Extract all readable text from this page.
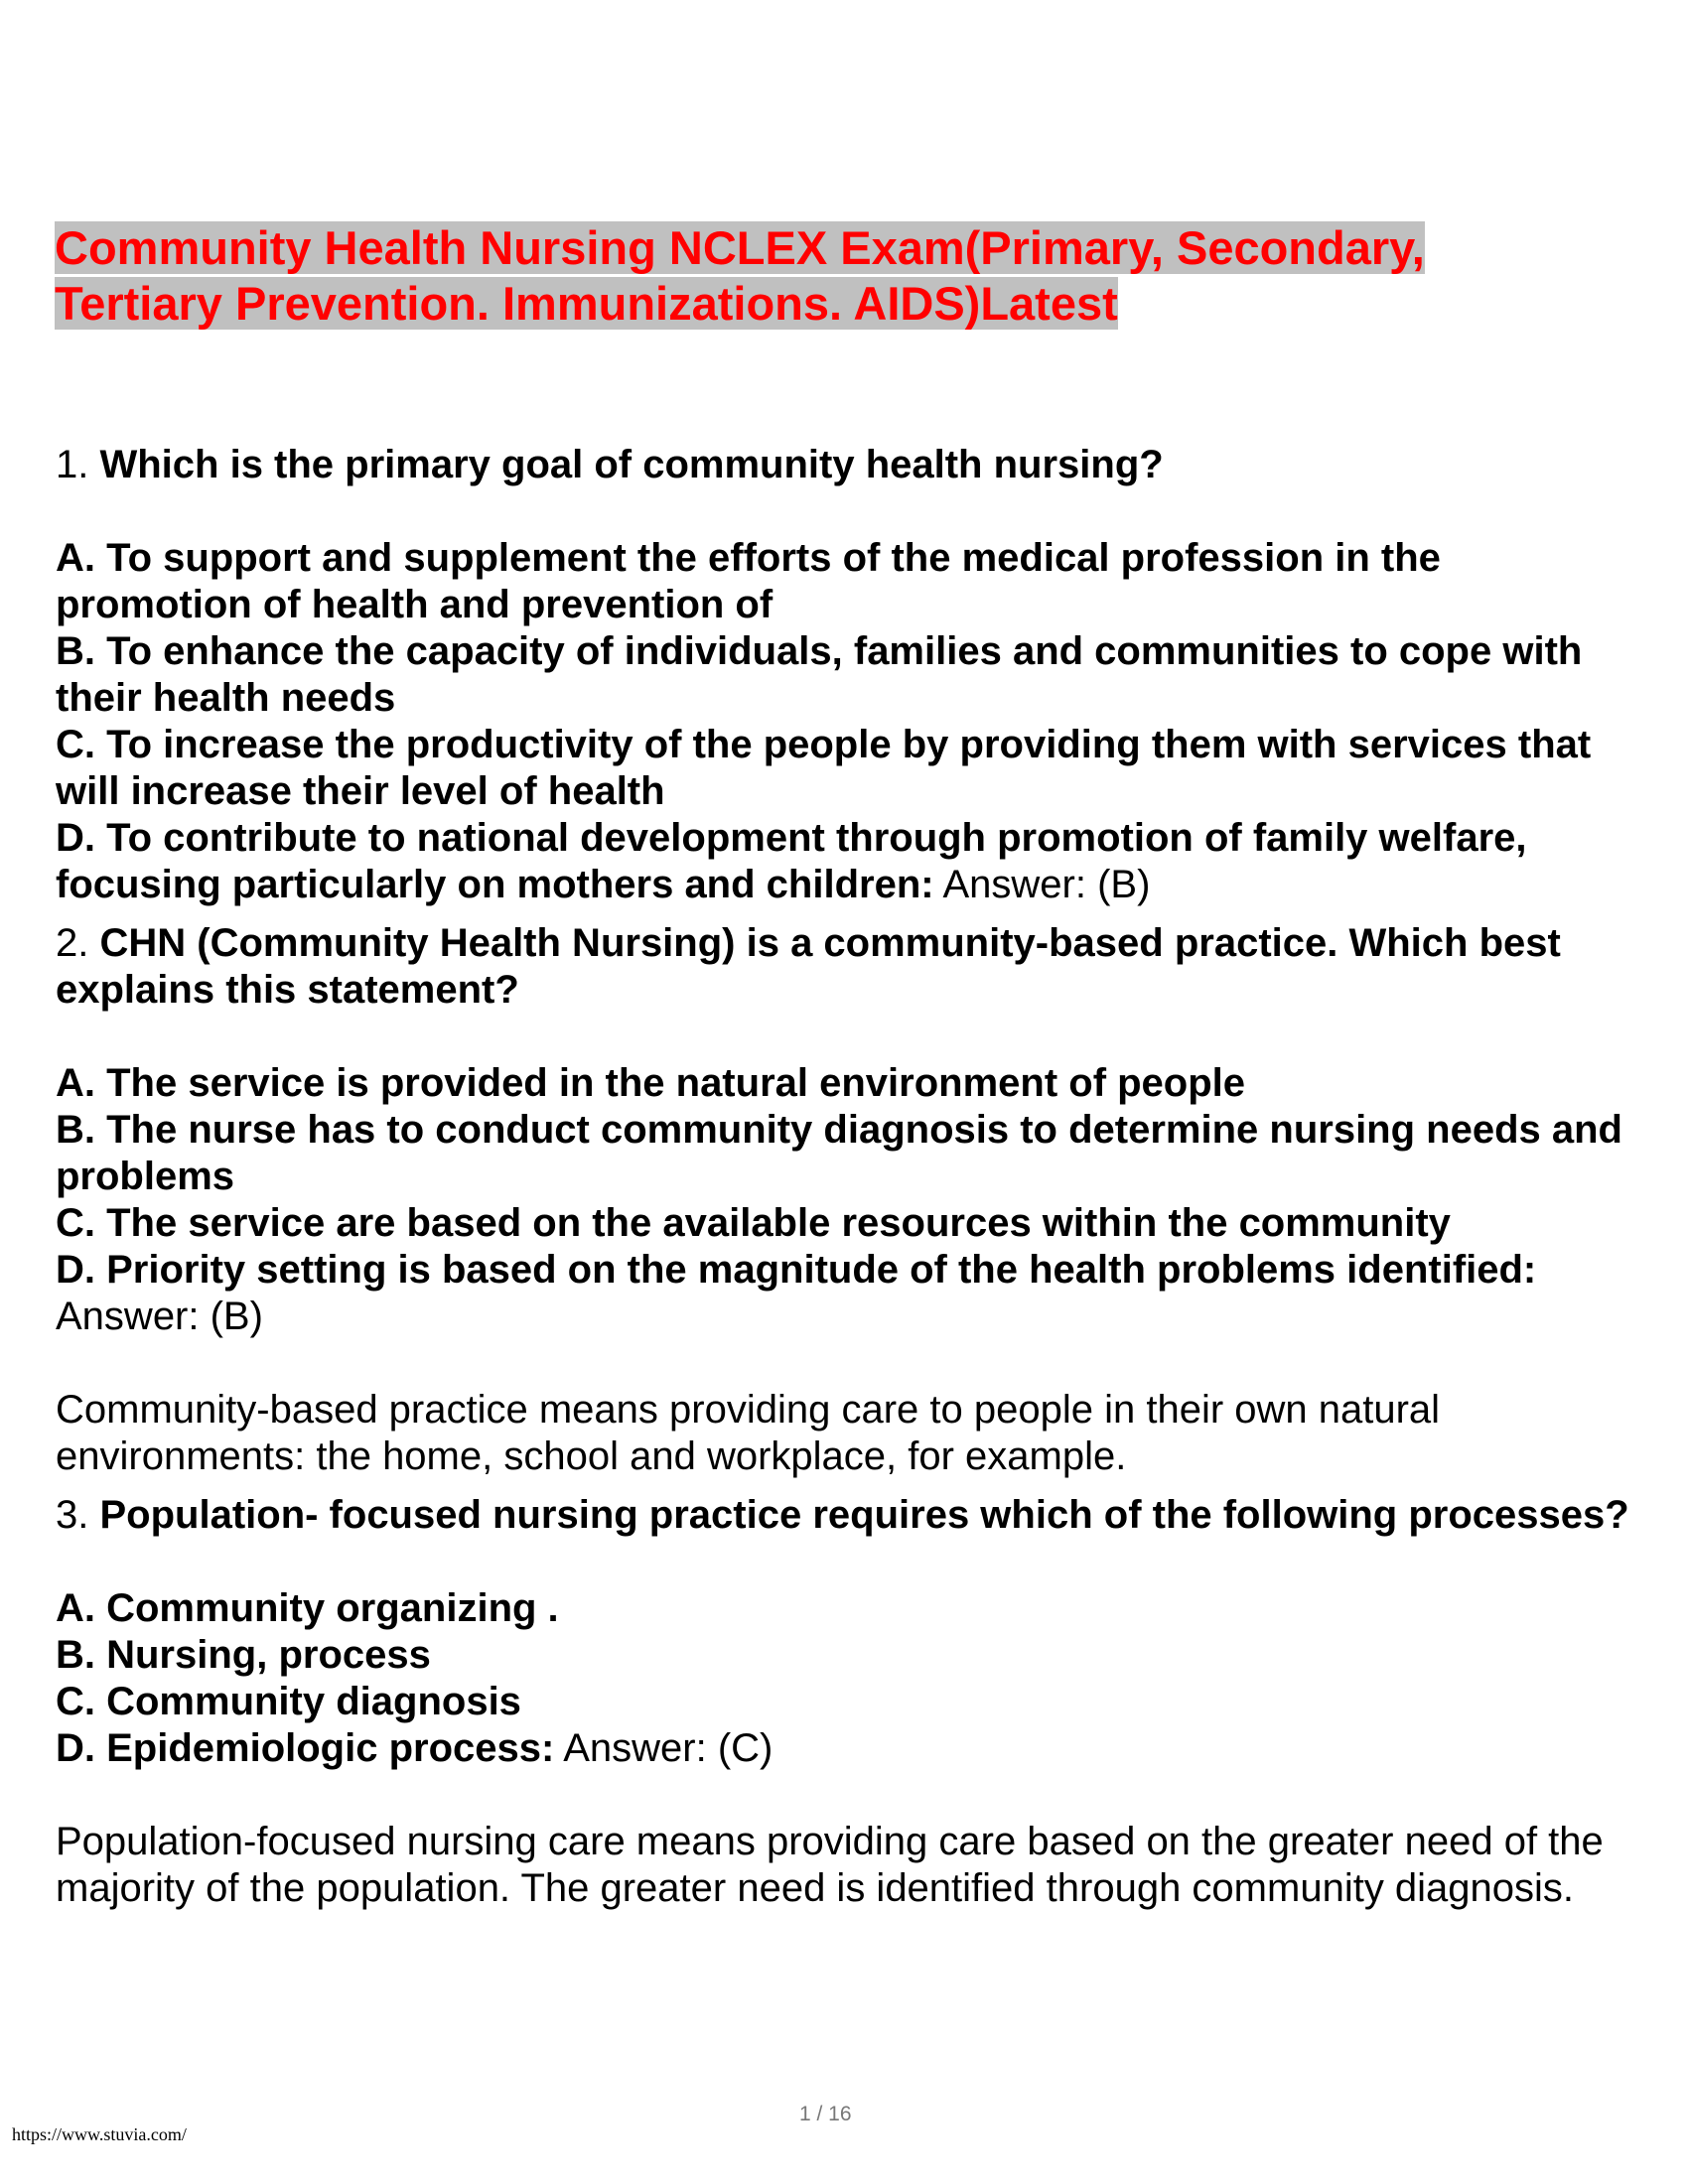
Community Health Nursing NCLEX Exam(Primary, Secondary,
Tertiary Prevention. Immunizations. AIDS)Latest

1. Which is the primary goal of community health nursing?

A. To support and supplement the efforts of the medical profession in the promotion of health and prevention of

B. To enhance the capacity of individuals, families and communities to cope with their health needs

C. To increase the productivity of the people by providing them with services that will increase their level of health

D. To contribute to national development through promotion of family welfare, focusing particularly on mothers and children: Answer: (B)

2. CHN (Community Health Nursing) is a community-based practice. Which best explains this statement?

A. The service is provided in the natural environment of people

B. The nurse has to conduct community diagnosis to determine nursing needs and problems

C. The service are based on the available resources within the community

D. Priority setting is based on the magnitude of the health problems identified: Answer: (B)

Community-based practice means providing care to people in their own natural environments: the home, school and workplace, for example.

3. Population- focused nursing practice requires which of the following processes?

A. Community organizing .

B. Nursing, process

C. Community diagnosis

D. Epidemiologic process: Answer: (C)

Population-focused nursing care means providing care based on the greater need of the majority of the population. The greater need is identified through community diagnosis.

1 / 16
https://www.stuvia.com/
